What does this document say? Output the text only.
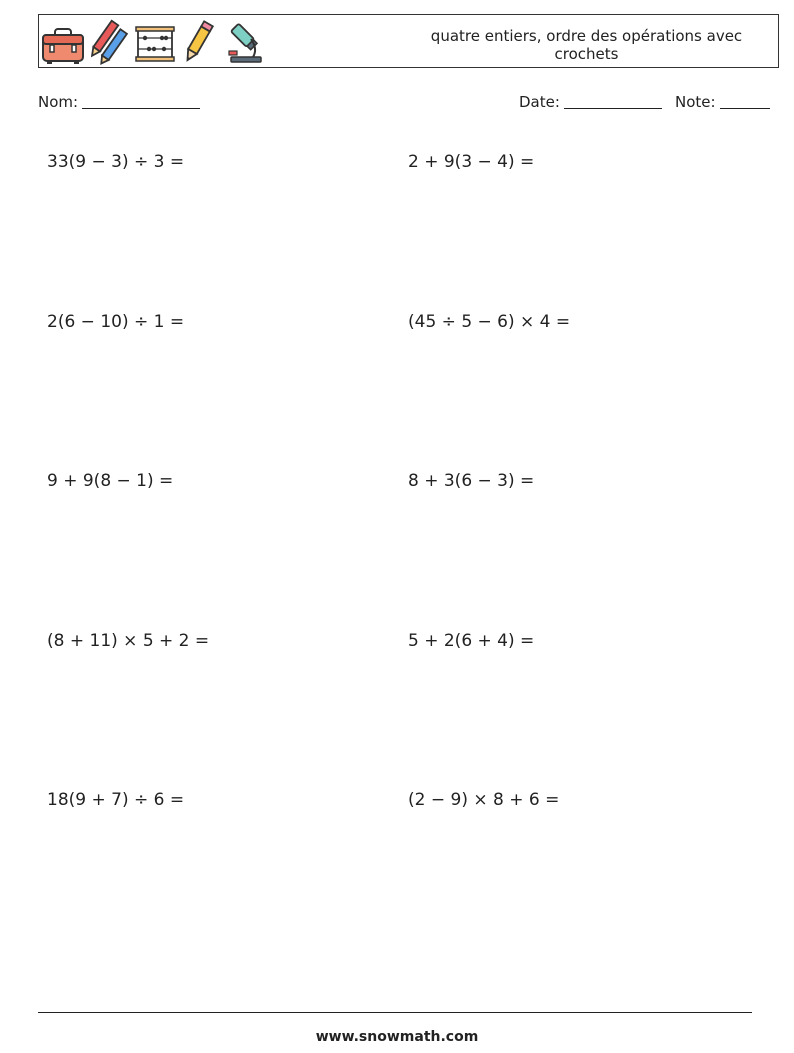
quatre entiers, ordre des opérations avec crochets
Nom:	Date:	Note:
33(9 − 3) ÷ 3 =	2 + 9(3 − 4) =
2(6 − 10) ÷ 1 =	(45 ÷ 5 − 6) × 4 =
9 + 9(8 − 1) =	8 + 3(6 − 3) =
(8 + 11) × 5 + 2 =	5 + 2(6 + 4) =
18(9 + 7) ÷ 6 =	(2 − 9) × 8 + 6 =
www.snowmath.com
